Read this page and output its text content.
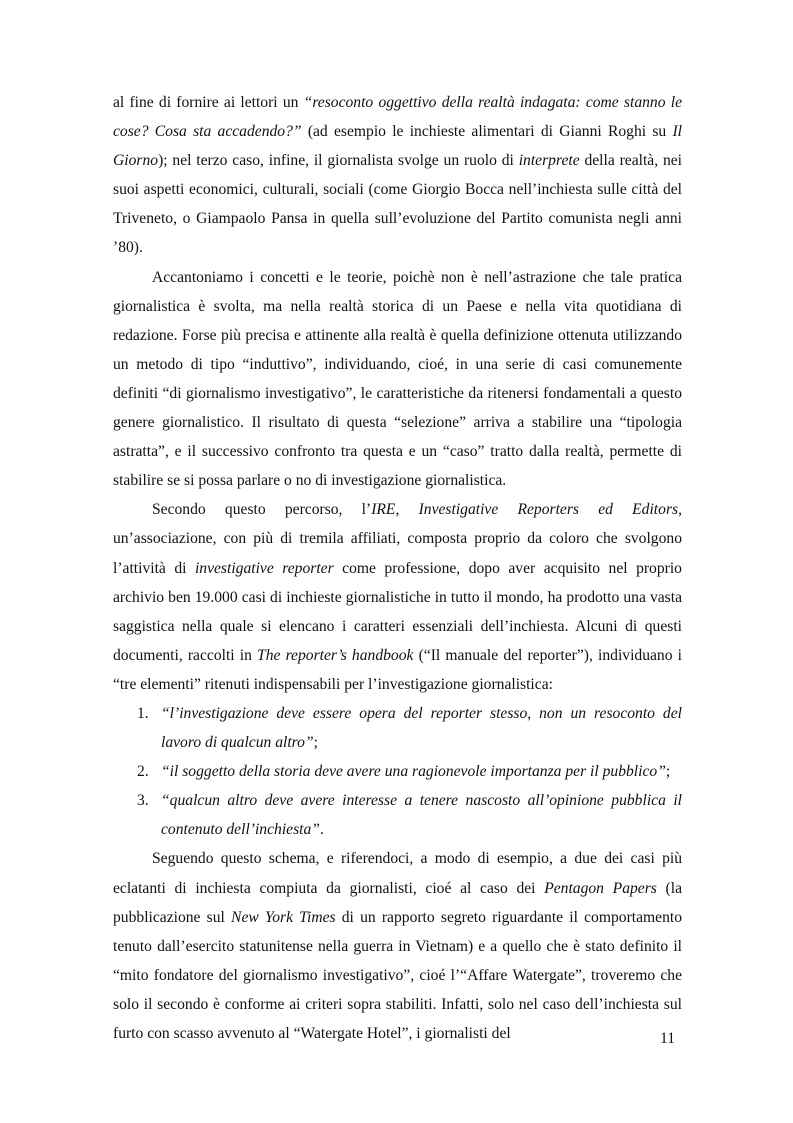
al fine di fornire ai lettori un “resoconto oggettivo della realtà indagata: come stanno le cose? Cosa sta accadendo?” (ad esempio le inchieste alimentari di Gianni Roghi su Il Giorno); nel terzo caso, infine, il giornalista svolge un ruolo di interprete della realtà, nei suoi aspetti economici, culturali, sociali (come Giorgio Bocca nell’inchiesta sulle città del Triveneto, o Giampaolo Pansa in quella sull’evoluzione del Partito comunista negli anni ’80).

Accantoniamo i concetti e le teorie, poichè non è nell’astrazione che tale pratica giornalistica è svolta, ma nella realtà storica di un Paese e nella vita quotidiana di redazione. Forse più precisa e attinente alla realtà è quella definizione ottenuta utilizzando un metodo di tipo “induttivo”, individuando, cioé, in una serie di casi comunemente definiti “di giornalismo investigativo”, le caratteristiche da ritenersi fondamentali a questo genere giornalistico. Il risultato di questa “selezione” arriva a stabilire una “tipologia astratta”, e il successivo confronto tra questa e un “caso” tratto dalla realtà, permette di stabilire se si possa parlare o no di investigazione giornalistica.

Secondo questo percorso, l’IRE, Investigative Reporters ed Editors, un’associazione, con più di tremila affiliati, composta proprio da coloro che svolgono l’attività di investigative reporter come professione, dopo aver acquisito nel proprio archivio ben 19.000 casi di inchieste giornalistiche in tutto il mondo, ha prodotto una vasta saggistica nella quale si elencano i caratteri essenziali dell’inchiesta. Alcuni di questi documenti, raccolti in The reporter’s handbook (“Il manuale del reporter”), individuano i “tre elementi” ritenuti indispensabili per l’investigazione giornalistica:

1. “l’investigazione deve essere opera del reporter stesso, non un resoconto del lavoro di qualcun altro”;
2. “il soggetto della storia deve avere una ragionevole importanza per il pubblico”;
3. “qualcun altro deve avere interesse a tenere nascosto all’opinione pubblica il contenuto dell’inchiesta”.

Seguendo questo schema, e riferendoci, a modo di esempio, a due dei casi più eclatanti di inchiesta compiuta da giornalisti, cioé al caso dei Pentagon Papers (la pubblicazione sul New York Times di un rapporto segreto riguardante il comportamento tenuto dall’esercito statunitense nella guerra in Vietnam) e a quello che è stato definito il “mito fondatore del giornalismo investigativo”, cioé l’“Affare Watergate”, troveremo che solo il secondo è conforme ai criteri sopra stabiliti. Infatti, solo nel caso dell’inchiesta sul furto con scasso avvenuto al “Watergate Hotel”, i giornalisti del	11
